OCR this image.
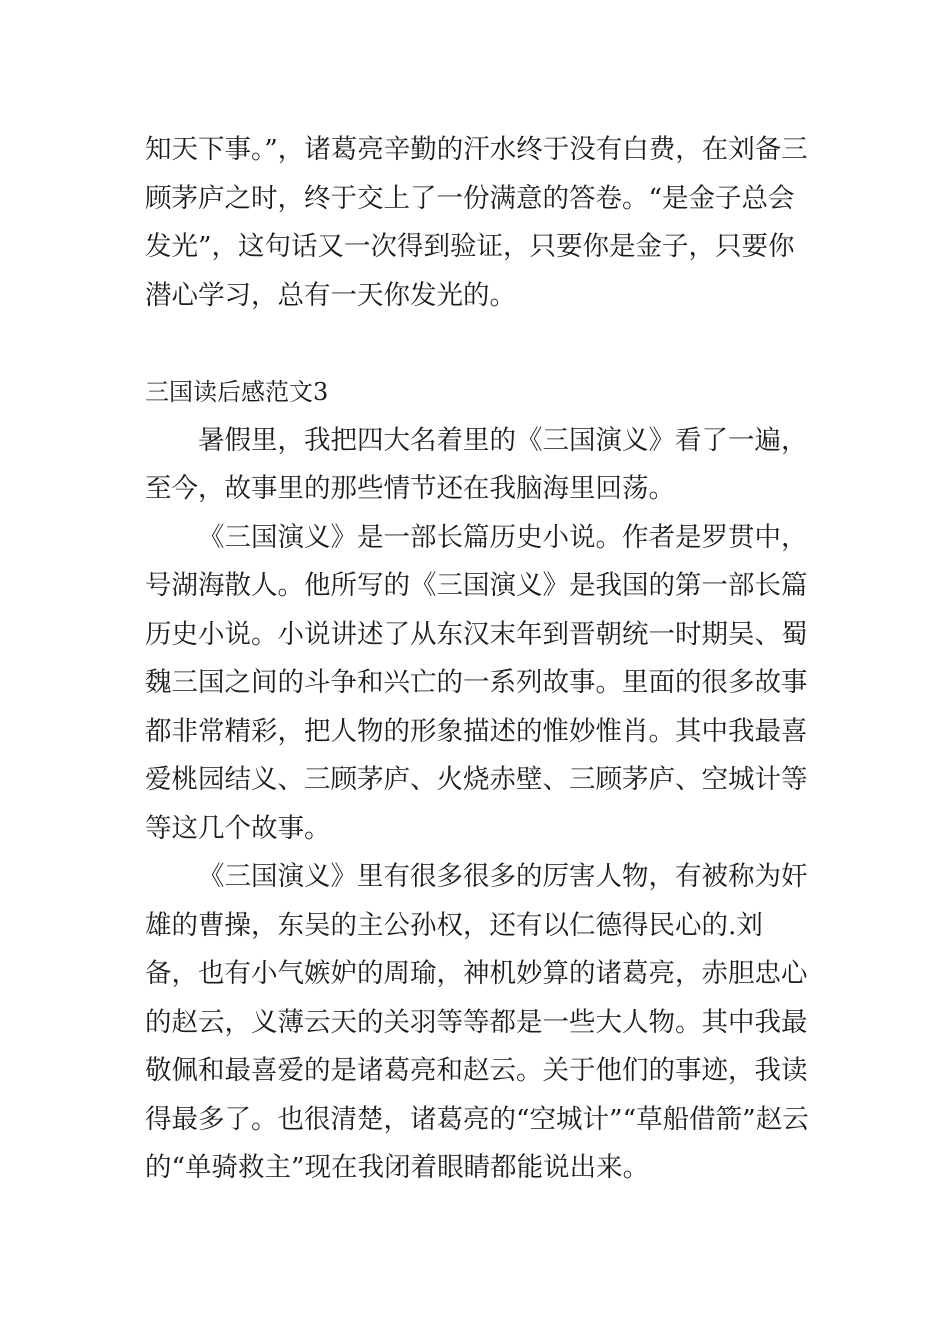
知天下事。”，诸葛亮辛勤的汗水终于没有白费，在刘备三顾茅庐之时，终于交上了一份满意的答卷。“是金子总会发光”，这句话又一次得到验证，只要你是金子，只要你潜心学习，总有一天你发光的。

三国读后感范文3

暑假里，我把四大名着里的《三国演义》看了一遍，至今，故事里的那些情节还在我脑海里回荡。

《三国演义》是一部长篇历史小说。作者是罗贯中，号湖海散人。他所写的《三国演义》是我国的第一部长篇历史小说。小说讲述了从东汉末年到晋朝统一时期吴、蜀魏三国之间的斗争和兴亡的一系列故事。里面的很多故事都非常精彩，把人物的形象描述的惟妙惟肖。其中我最喜爱桃园结义、三顾茅庐、火烧赤壁、三顾茅庐、空城计等等这几个故事。

《三国演义》里有很多很多的厉害人物，有被称为奸雄的曹操，东吴的主公孙权，还有以仁德得民心的.刘备，也有小气嫉妒的周瑜，神机妙算的诸葛亮，赤胆忠心的赵云，义薄云天的关羽等等都是一些大人物。其中我最敬佩和最喜爱的是诸葛亮和赵云。关于他们的事迹，我读得最多了。也很清楚，诸葛亮的“空城计”“草船借箭”赵云的“单骑救主”现在我闭着眼睛都能说出来。
